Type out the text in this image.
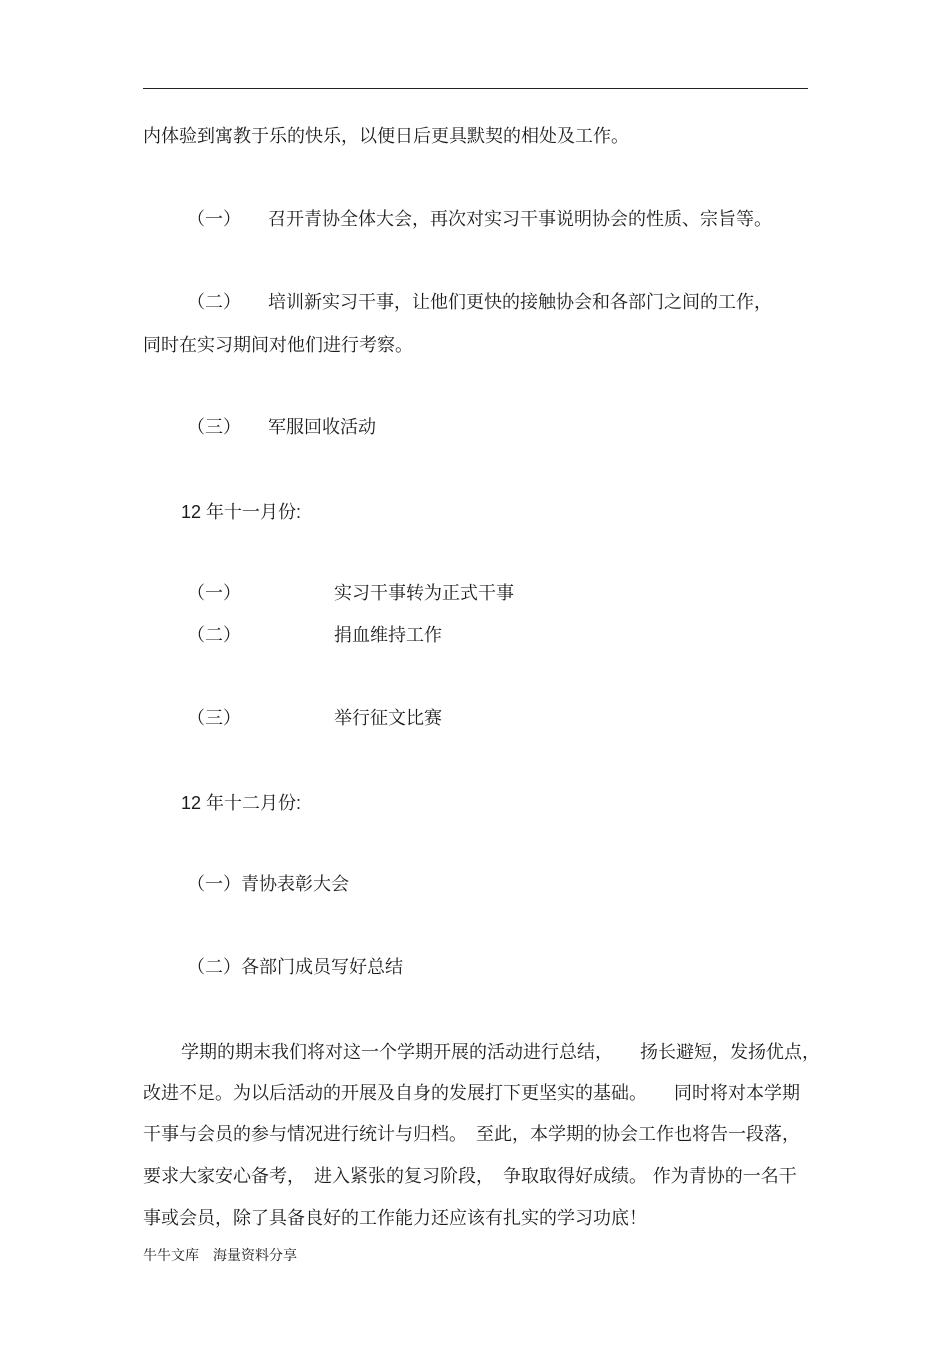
内体验到寓教于乐的快乐，以便日后更具默契的相处及工作。
（一） 召开青协全体大会，再次对实习干事说明协会的性质、宗旨等。
（二） 培训新实习干事，让他们更快的接触协会和各部门之间的工作，
同时在实习期间对他们进行考察。
（三） 军服回收活动
12 年十一月份:
（一）	实习干事转为正式干事
（二）	捐血维持工作
（三）	举行征文比赛
12 年十二月份:
（一）青协表彰大会
（二）各部门成员写好总结
学期的期末我们将对这一个学期开展的活动进行总结，　　扬长避短，发扬优点，
改进不足。为以后活动的开展及自身的发展打下更坚实的基础。　　同时将对本学期
干事与会员的参与情况进行统计与归档。　至此，本学期的协会工作也将告一段落，
要求大家安心备考，　进入紧张的复习阶段，　争取取得好成绩。 作为青协的一名干
事或会员，除了具备良好的工作能力还应该有扎实的学习功底！
牛牛文库 海量资料分享
